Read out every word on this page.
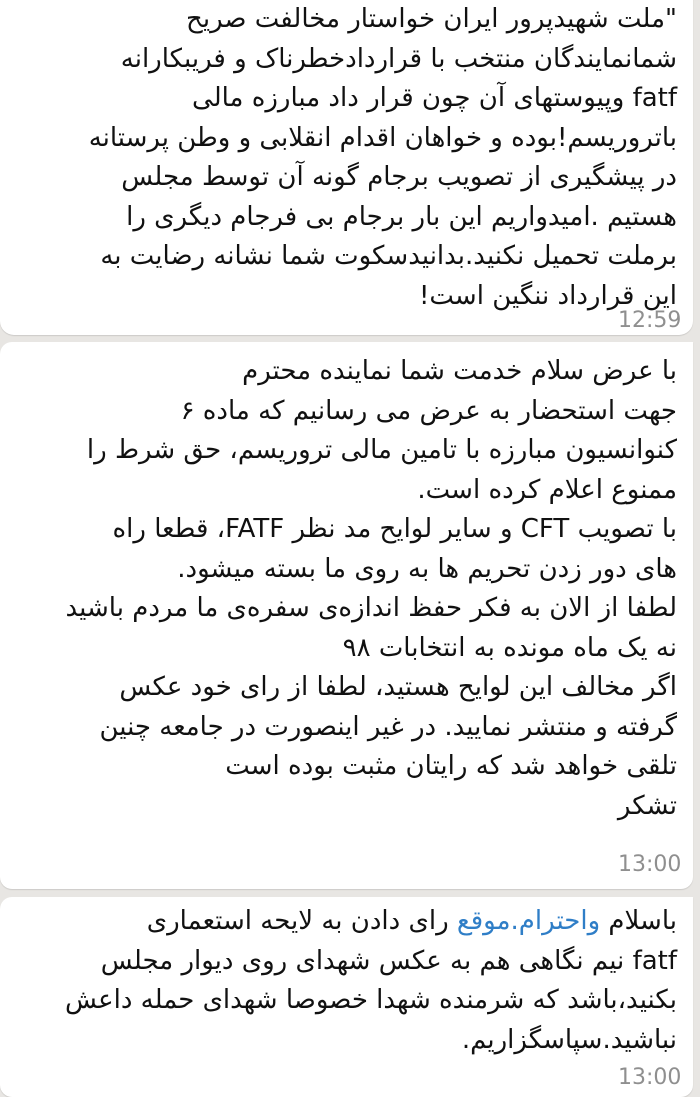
"ملت شهیدپرور ایران خواستار مخالفت صریح
شمانمایندگان منتخب با قراردادخطرناک و فریبکارانه
fatf وپیوستهای آن چون قرار داد مبارزه مالی
باتروریسم!بوده و خواهان اقدام انقلابی و وطن پرستانه
در پیشگیری از تصویب برجام گونه آن توسط مجلس
هستیم .امیدواریم این بار برجام بی فرجام دیگری را
برملت تحمیل نکنید.بدانیدسکوت شما نشانه رضایت به
این قرارداد ننگین است!
12:59
با عرض سلام خدمت شما نماینده محترم
جهت استحضار به عرض می رسانیم که ماده ۶
کنوانسیون مبارزه با تامین مالی تروریسم، حق شرط را
ممنوع اعلام کرده است.
با تصویب CFT و سایر لوایح مد نظر FATF، قطعا راه
های دور زدن تحریم ها به روی ما بسته میشود.
لطفا از الان به فکر حفظ اندازه‌ی سفره‌ی ما مردم باشید
نه یک ماه مونده به انتخابات ۹۸
اگر مخالف این لوایح هستید، لطفا از رای خود عکس
گرفته و منتشر نمایید. در غیر اینصورت در جامعه چنین
تلقی خواهد شد که رایتان مثبت بوده است
تشکر
13:00
باسلام واحترام.موقع رای دادن به لایحه استعماری
fatf نیم نگاهی هم به عکس شهدای روی دیوار مجلس
بکنید،باشد که شرمنده شهدا خصوصا شهدای حمله داعش
نباشید.سپاسگزاریم.
13:00
